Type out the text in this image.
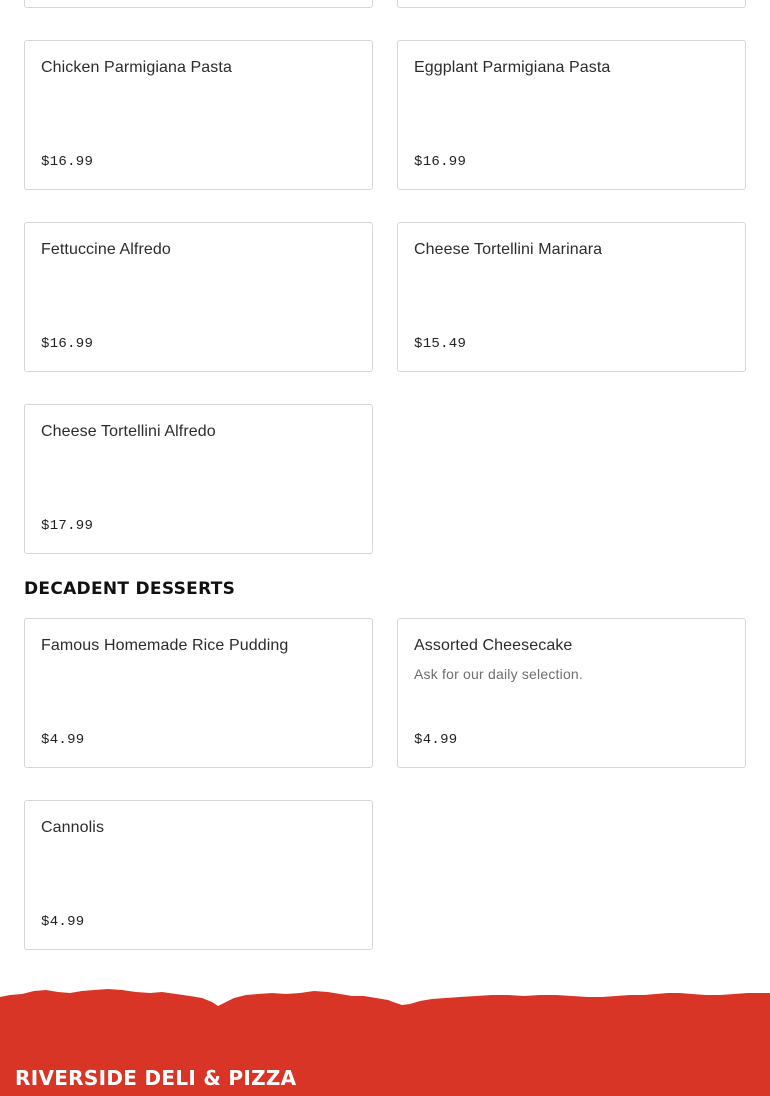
Chicken Parmigiana Pasta
$16.99
Eggplant Parmigiana Pasta
$16.99
Fettuccine Alfredo
$16.99
Cheese Tortellini Marinara
$15.49
Cheese Tortellini Alfredo
$17.99
DECADENT DESSERTS
Famous Homemade Rice Pudding
$4.99
Assorted Cheesecake
Ask for our daily selection.
$4.99
Cannolis
$4.99
RIVERSIDE DELI & PIZZA
